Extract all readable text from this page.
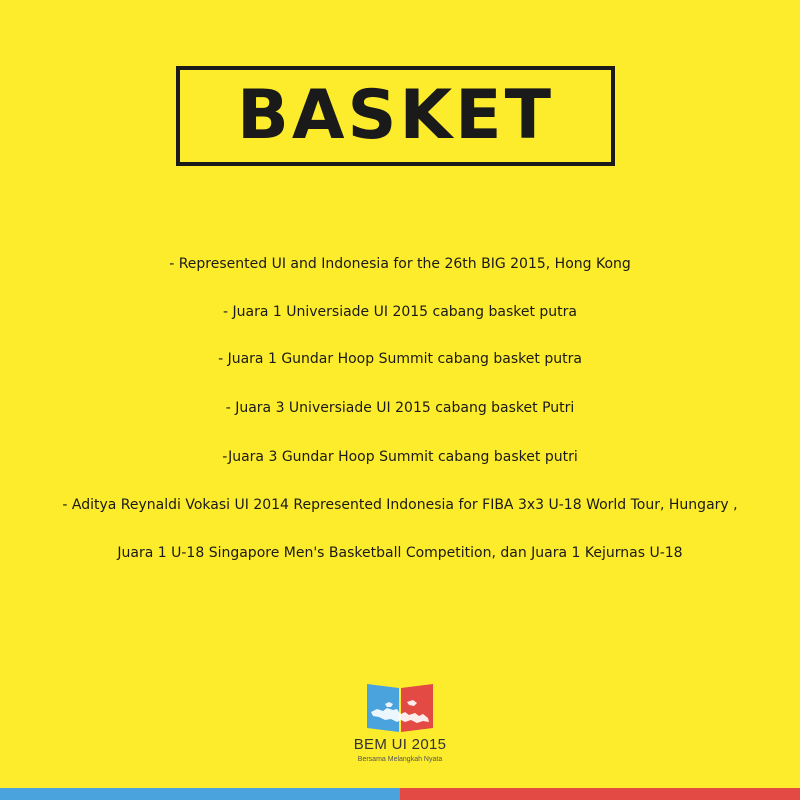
BASKET
- Represented UI and Indonesia for the 26th BIG 2015, Hong Kong
- Juara 1 Universiade UI 2015 cabang basket putra
- Juara 1 Gundar Hoop Summit cabang basket putra
- Juara 3 Universiade UI 2015 cabang basket Putri
-Juara 3 Gundar Hoop Summit cabang basket putri
- Aditya Reynaldi Vokasi UI 2014 Represented Indonesia for FIBA 3x3 U-18 World Tour, Hungary ,
Juara 1 U-18 Singapore Men's Basketball Competition, dan Juara 1 Kejurnas U-18
BEM UI 2015
Bersama Melangkah Nyata
